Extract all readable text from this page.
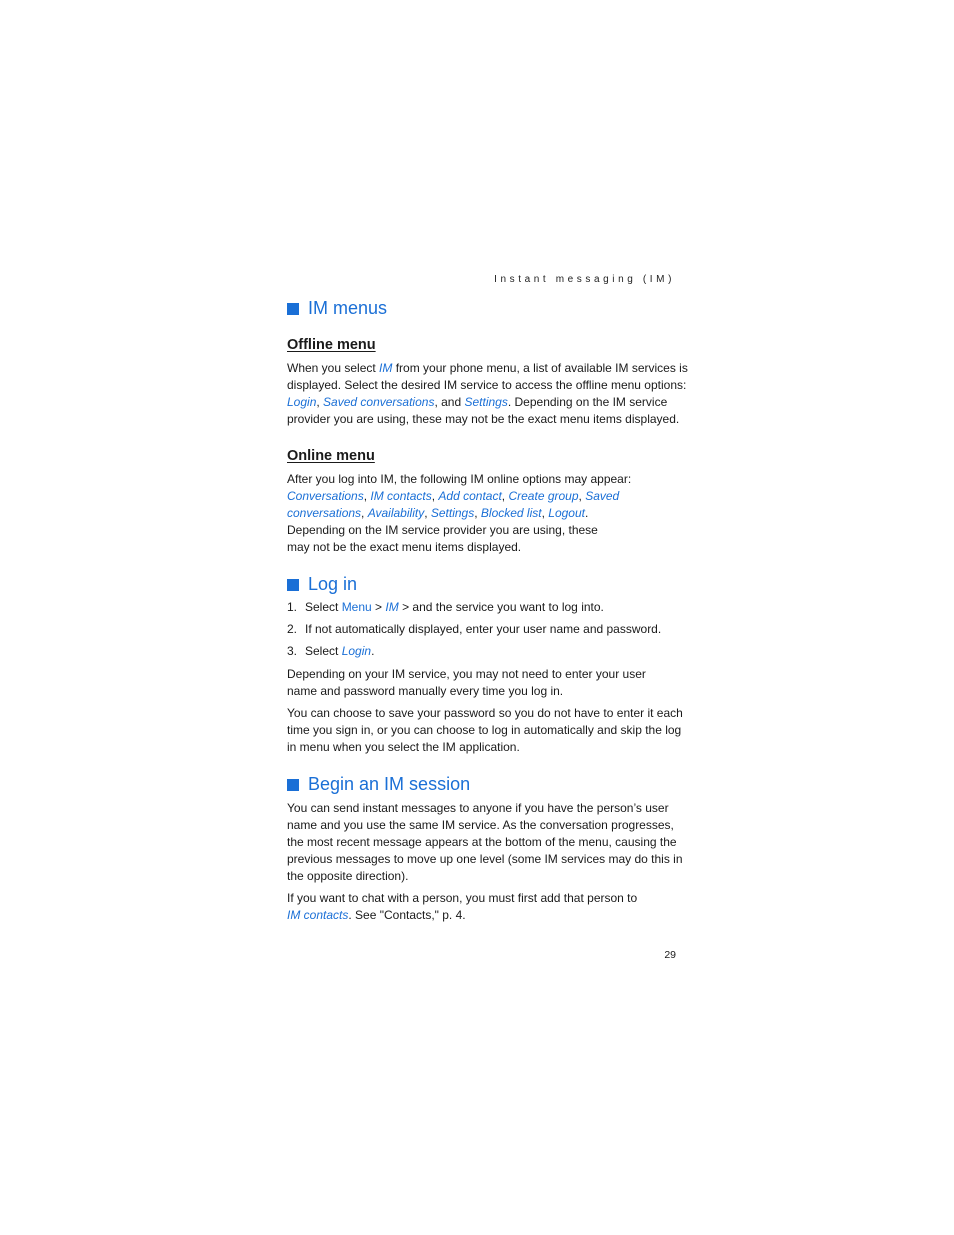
Instant messaging (IM)
IM menus
Offline menu
When you select IM from your phone menu, a list of available IM services is
displayed. Select the desired IM service to access the offline menu options:
Login, Saved conversations, and Settings. Depending on the IM service
provider you are using, these may not be the exact menu items displayed.
Online menu
After you log into IM, the following IM online options may appear:
Conversations, IM contacts, Add contact, Create group, Saved
conversations, Availability, Settings, Blocked list, Logout.
Depending on the IM service provider you are using, these
may not be the exact menu items displayed.
Log in
1. Select Menu > IM > and the service you want to log into.
2. If not automatically displayed, enter your user name and password.
3. Select Login.
Depending on your IM service, you may not need to enter your user
name and password manually every time you log in.
You can choose to save your password so you do not have to enter it each
time you sign in, or you can choose to log in automatically and skip the log
in menu when you select the IM application.
Begin an IM session
You can send instant messages to anyone if you have the person’s user
name and you use the same IM service. As the conversation progresses,
the most recent message appears at the bottom of the menu, causing the
previous messages to move up one level (some IM services may do this in
the opposite direction).
If you want to chat with a person, you must first add that person to
IM contacts. See "Contacts," p. 4.
29
